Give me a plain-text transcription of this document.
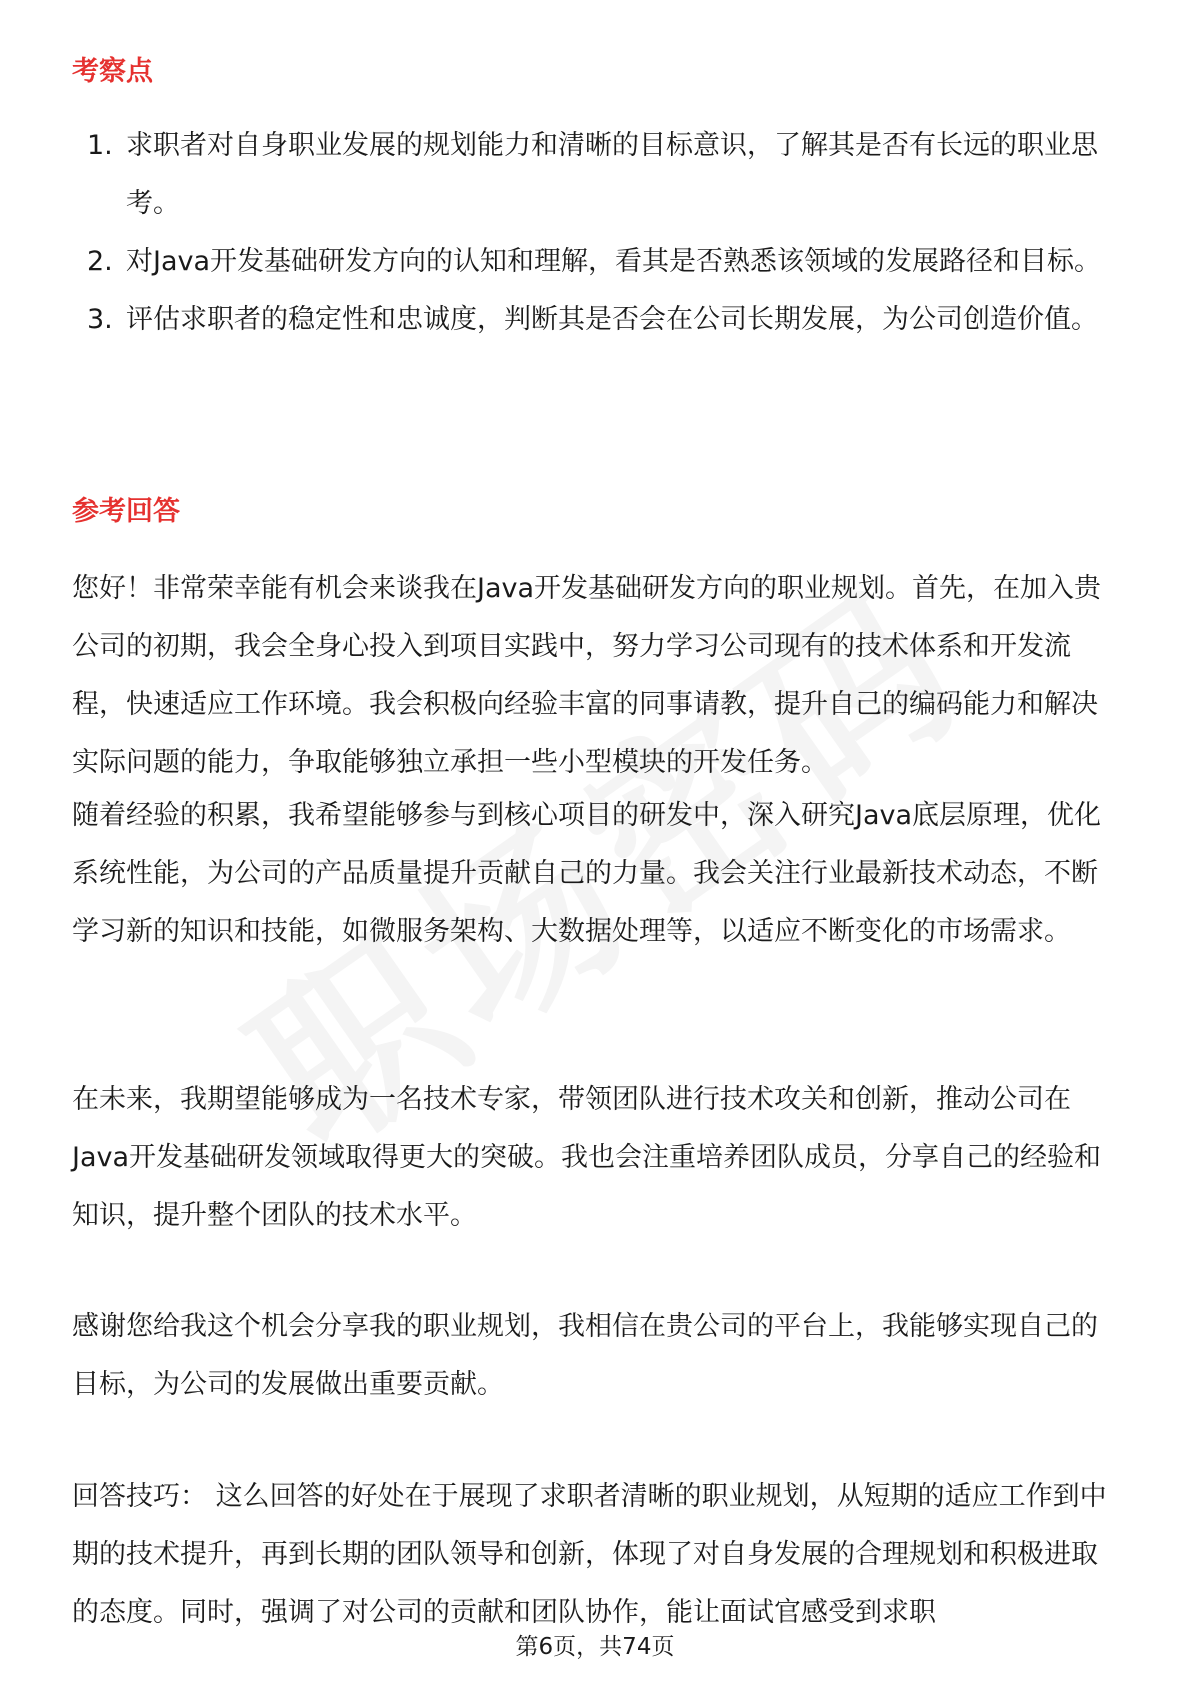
考察点
1. 求职者对自身职业发展的规划能力和清晰的目标意识，了解其是否有长远的职业思考。
2. 对Java开发基础研发方向的认知和理解，看其是否熟悉该领域的发展路径和目标。
3. 评估求职者的稳定性和忠诚度，判断其是否会在公司长期发展，为公司创造价值。
参考回答

您好！非常荣幸能有机会来谈我在Java开发基础研发方向的职业规划。首先，在加入贵公司的初期，我会全身心投入到项目实践中，努力学习公司现有的技术体系和开发流程，快速适应工作环境。我会积极向经验丰富的同事请教，提升自己的编码能力和解决实际问题的能力，争取能够独立承担一些小型模块的开发任务。

随着经验的积累，我希望能够参与到核心项目的研发中，深入研究Java底层原理，优化系统性能，为公司的产品质量提升贡献自己的力量。我会关注行业最新技术动态，不断学习新的知识和技能，如微服务架构、大数据处理等，以适应不断变化的市场需求。

在未来，我期望能够成为一名技术专家，带领团队进行技术攻关和创新，推动公司在Java开发基础研发领域取得更大的突破。我也会注重培养团队成员，分享自己的经验和知识，提升整个团队的技术水平。

感谢您给我这个机会分享我的职业规划，我相信在贵公司的平台上，我能够实现自己的目标，为公司的发展做出重要贡献。

回答技巧： 这么回答的好处在于展现了求职者清晰的职业规划，从短期的适应工作到中期的技术提升，再到长期的团队领导和创新，体现了对自身发展的合理规划和积极进取的态度。同时，强调了对公司的贡献和团队协作，能让面试官感受到求职

第6页，共74页
